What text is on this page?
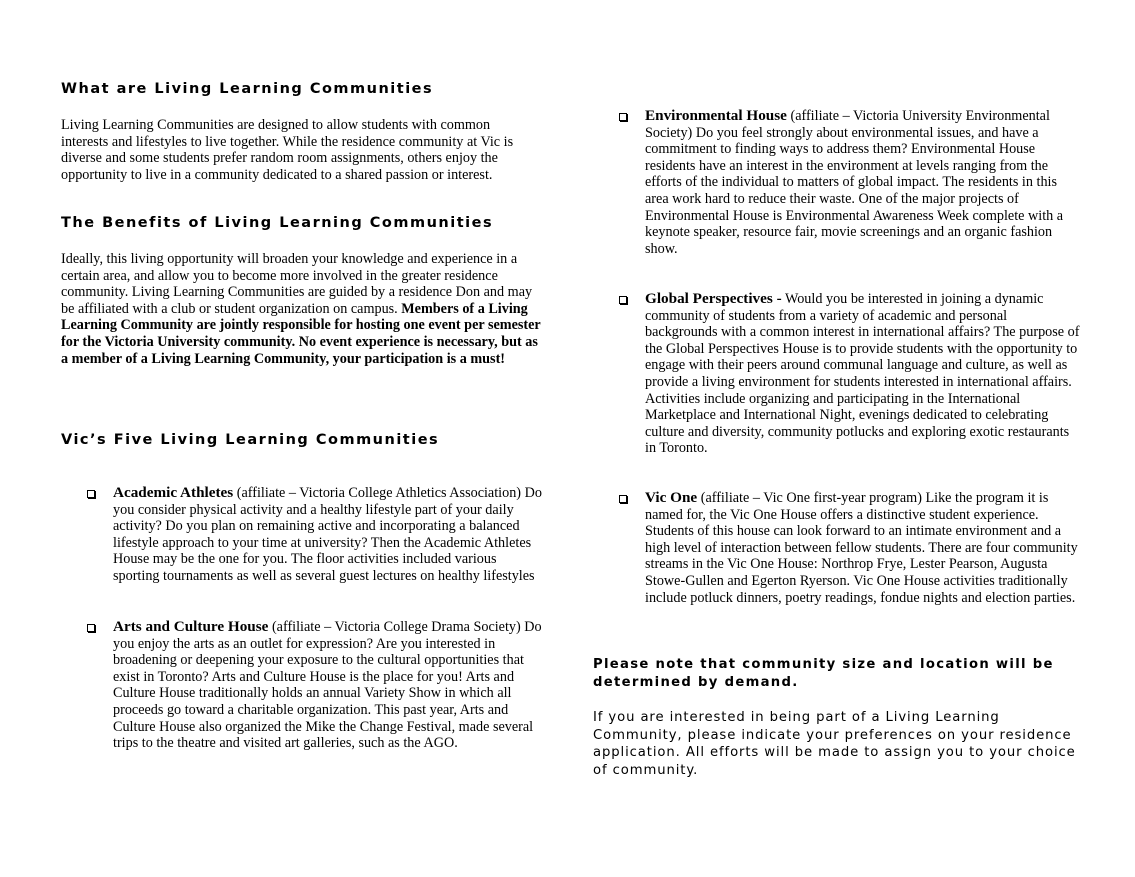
What are Living Learning Communities

Living Learning Communities are designed to allow students with common interests and lifestyles to live together. While the residence community at Vic is diverse and some students prefer random room assignments, others enjoy the opportunity to live in a community dedicated to a shared passion or interest.

The Benefits of Living Learning Communities

Ideally, this living opportunity will broaden your knowledge and experience in a certain area, and allow you to become more involved in the greater residence community. Living Learning Communities are guided by a residence Don and may be affiliated with a club or student organization on campus. Members of a Living Learning Community are jointly responsible for hosting one event per semester for the Victoria University community. No event experience is necessary, but as a member of a Living Learning Community, your participation is a must!

Vic’s Five Living Learning Communities

Academic Athletes (affiliate – Victoria College Athletics Association) Do you consider physical activity and a healthy lifestyle part of your daily activity? Do you plan on remaining active and incorporating a balanced lifestyle approach to your time at university? Then the Academic Athletes House may be the one for you. The floor activities included various sporting tournaments as well as several guest lectures on healthy lifestyles

Arts and Culture House (affiliate – Victoria College Drama Society) Do you enjoy the arts as an outlet for expression? Are you interested in broadening or deepening your exposure to the cultural opportunities that exist in Toronto? Arts and Culture House is the place for you! Arts and Culture House traditionally holds an annual Variety Show in which all proceeds go toward a charitable organization. This past year, Arts and Culture House also organized the Mike the Change Festival, made several trips to the theatre and visited art galleries, such as the AGO.

Environmental House (affiliate – Victoria University Environmental Society) Do you feel strongly about environmental issues, and have a commitment to finding ways to address them? Environmental House residents have an interest in the environment at levels ranging from the efforts of the individual to matters of global impact. The residents in this area work hard to reduce their waste. One of the major projects of Environmental House is Environmental Awareness Week complete with a keynote speaker, resource fair, movie screenings and an organic fashion show.

Global Perspectives - Would you be interested in joining a dynamic community of students from a variety of academic and personal backgrounds with a common interest in international affairs? The purpose of the Global Perspectives House is to provide students with the opportunity to engage with their peers around communal language and culture, as well as provide a living environment for students interested in international affairs. Activities include organizing and participating in the International Marketplace and International Night, evenings dedicated to celebrating culture and diversity, community potlucks and exploring exotic restaurants in Toronto.

Vic One (affiliate – Vic One first-year program) Like the program it is named for, the Vic One House offers a distinctive student experience. Students of this house can look forward to an intimate environment and a high level of interaction between fellow students. There are four community streams in the Vic One House: Northrop Frye, Lester Pearson, Augusta Stowe-Gullen and Egerton Ryerson. Vic One House activities traditionally include potluck dinners, poetry readings, fondue nights and election parties.

Please note that community size and location will be determined by demand.

If you are interested in being part of a Living Learning Community, please indicate your preferences on your residence application. All efforts will be made to assign you to your choice of community.
